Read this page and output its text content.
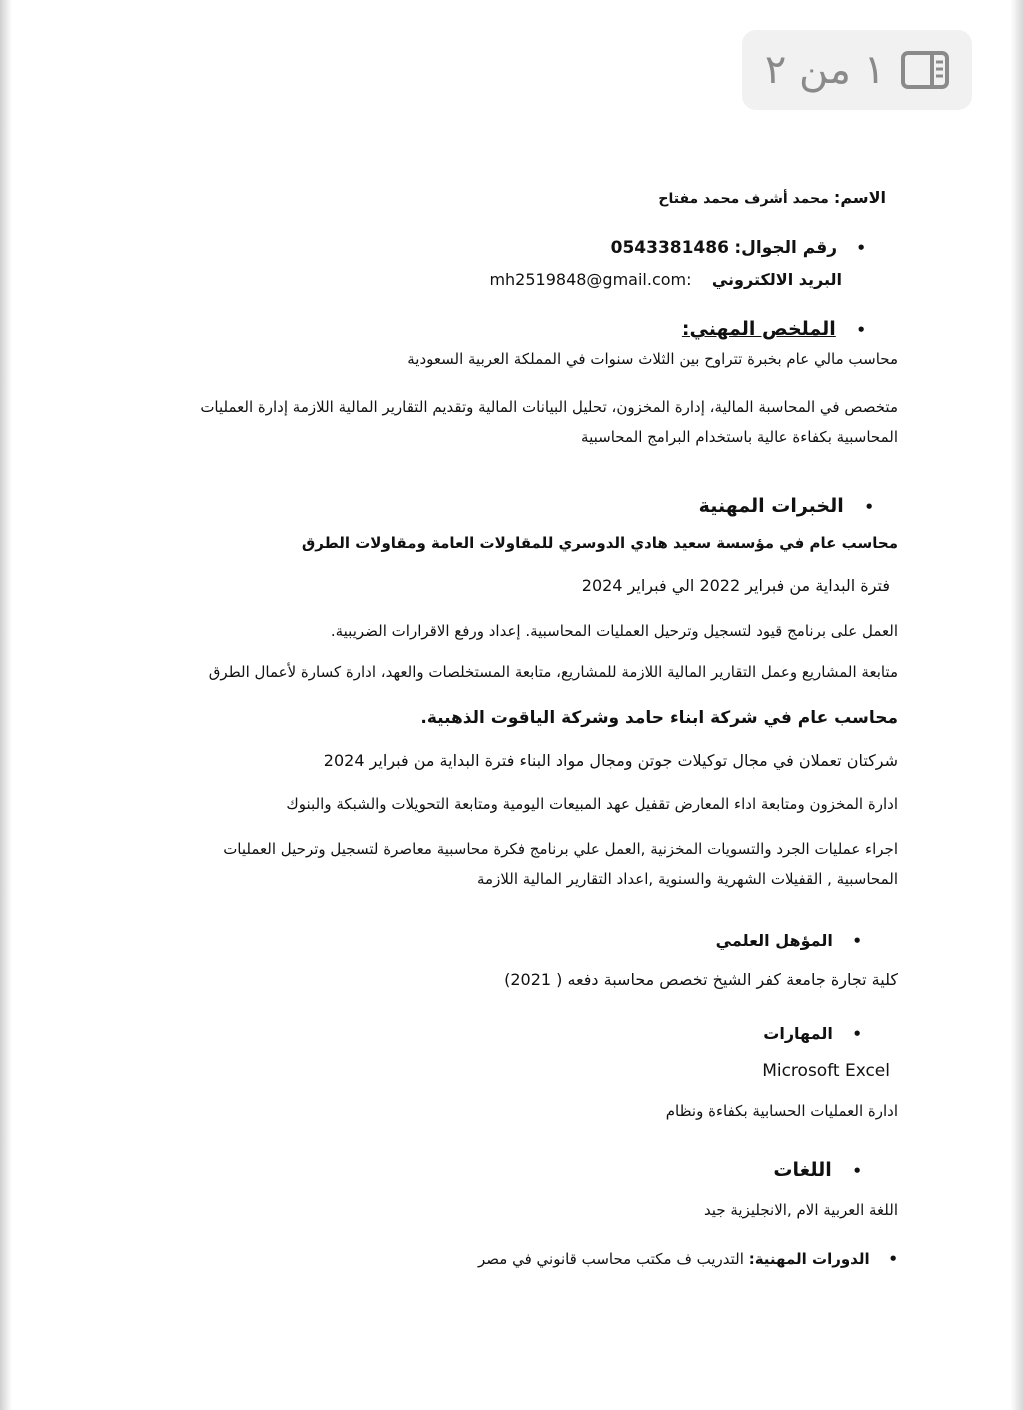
١ من ٢
الاسم: محمد أشرف محمد مفتاح
• رقم الجوال: 0543381486
البريد الالكتروني    mh2519848@gmail.com:
• الملخص المهني:
محاسب مالي عام بخبرة تتراوح بين الثلاث سنوات في المملكة العربية السعودية
متخصص في المحاسبة المالية، إدارة المخزون، تحليل البيانات المالية وتقديم التقارير المالية اللازمة إدارة العمليات
المحاسبية بكفاءة عالية باستخدام البرامج المحاسبية
• الخبرات المهنية
محاسب عام في مؤسسة سعيد هادي الدوسري للمقاولات العامة ومقاولات الطرق
فترة البداية من فبراير 2022 الي فبراير 2024
العمل على برنامج قيود لتسجيل وترحيل العمليات المحاسبية. إعداد ورفع الاقرارات الضريبية.
متابعة المشاريع وعمل التقارير المالية اللازمة للمشاريع، متابعة المستخلصات والعهد، ادارة كسارة لأعمال الطرق
محاسب عام في شركة ابناء حامد وشركة الياقوت الذهبية.
شركتان تعملان في مجال توكيلات جوتن ومجال مواد البناء فترة البداية من فبراير 2024
ادارة المخزون ومتابعة اداء المعارض تقفيل عهد المبيعات اليومية ومتابعة التحويلات والشبكة والبنوك
اجراء عمليات الجرد والتسويات المخزنية ,العمل علي برنامج فكرة محاسبية معاصرة لتسجيل وترحيل العمليات
المحاسبية , القفيلات الشهرية والسنوية ,اعداد التقارير المالية اللازمة
• المؤهل العلمي
كلية تجارة جامعة كفر الشيخ تخصص محاسبة دفعه ( 2021)
• المهارات
Microsoft Excel
ادارة العمليات الحسابية بكفاءة ونظام
• اللغات
اللغة العربية الام ,الانجليزية جيد
• الدورات المهنية: التدريب ف مكتب محاسب قانوني في مصر
